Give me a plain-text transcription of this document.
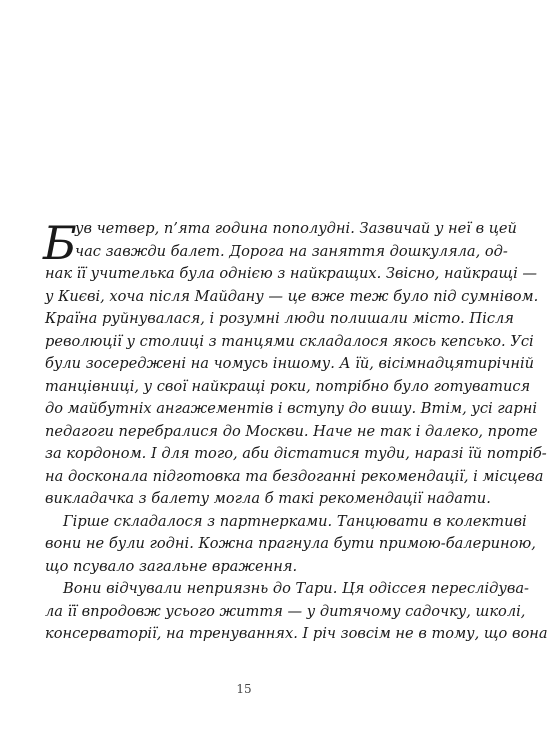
Б
ув четвер, п’ята година пополудні. Зазвичай у неї в цей
час завжди балет. Дорога на заняття дошкуляла, од-
нак її учителька була однією з найкращих. Звісно, найкращі —
у Києві, хоча після Майдану — це вже теж було під сумнівом.
Країна руйнувалася, і розумні люди полишали місто. Після
революції у столиці з танцями складалося якось кепсько. Усі
були зосереджені на чомусь іншому. А їй, вісімнадцятирічній
танцівниці, у свої найкращі роки, потрібно було готуватися
до майбутніх ангажементів і вступу до вишу. Втім, усі гарні
педагоги перебралися до Москви. Наче не так і далеко, проте
за кордоном. І для того, аби дістатися туди, наразі їй потріб-
на досконала підготовка та бездоганні рекомендації, і місцева
викладачка з балету могла б такі рекомендації надати.
Гірше складалося з партнерками. Танцювати в колективі
вони не були годні. Кожна прагнула бути примою-балериною,
що псувало загальне враження.
Вони відчували неприязнь до Тари. Ця одіссея переслідува-
ла її впродовж усього життя — у дитячому садочку, школі,
консерваторії, на тренуваннях. І річ зовсім не в тому, що вона
15
